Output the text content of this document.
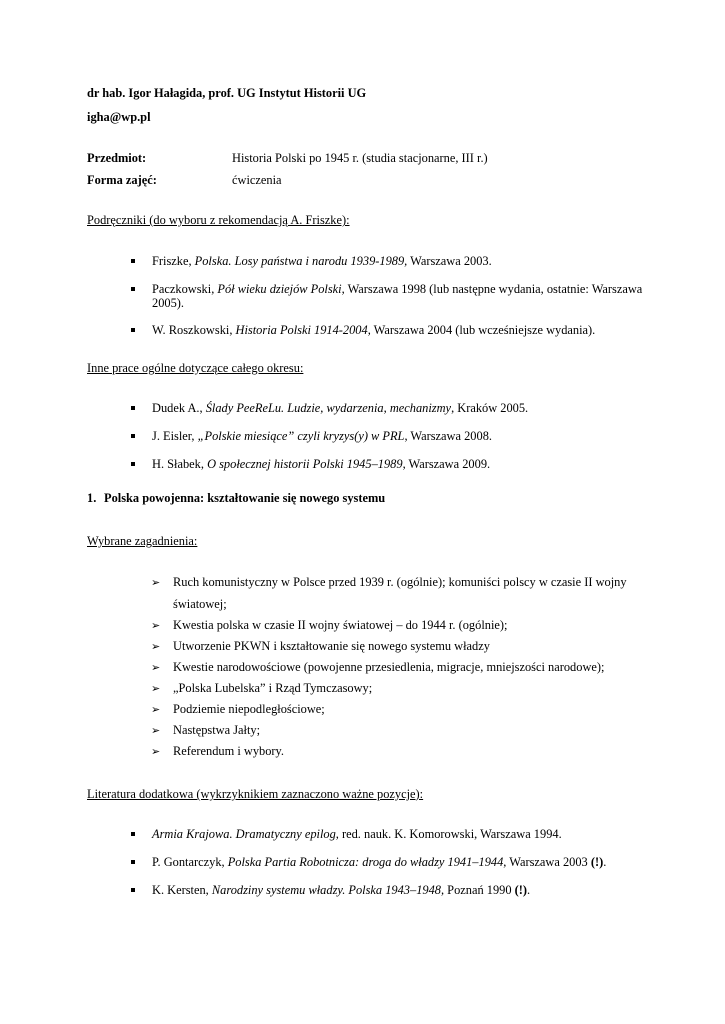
dr hab. Igor Hałagida, prof. UG Instytut Historii UG
igha@wp.pl
Przedmiot:	Historia Polski po 1945 r. (studia stacjonarne, III r.)
Forma zajęć:	ćwiczenia
Podręczniki (do wyboru z rekomendacją A. Friszke):
Friszke, Polska. Losy państwa i narodu 1939-1989, Warszawa 2003.
Paczkowski, Pół wieku dziejów Polski, Warszawa 1998 (lub następne wydania, ostatnie: Warszawa
2005).
W. Roszkowski, Historia Polski 1914-2004, Warszawa 2004 (lub wcześniejsze wydania).
Inne prace ogólne dotyczące całego okresu:
Dudek A., Ślady PeeReLu. Ludzie, wydarzenia, mechanizmy, Kraków 2005.
J. Eisler, „Polskie miesiące” czyli kryzys(y) w PRL, Warszawa 2008.
H. Słabek, O społecznej historii Polski 1945–1989, Warszawa 2009.
1. Polska powojenna: kształtowanie się nowego systemu
Wybrane zagadnienia:
➢ Ruch komunistyczny w Polsce przed 1939 r. (ogólnie); komuniści polscy w czasie II wojny
światowej;
➢ Kwestia polska w czasie II wojny światowej – do 1944 r. (ogólnie);
➢ Utworzenie PKWN i kształtowanie się nowego systemu władzy
➢ Kwestie narodowościowe (powojenne przesiedlenia, migracje, mniejszości narodowe);
➢ „Polska Lubelska” i Rząd Tymczasowy;
➢ Podziemie niepodległościowe;
➢ Następstwa Jałty;
➢ Referendum i wybory.
Literatura dodatkowa (wykrzyknikiem zaznaczono ważne pozycje):
Armia Krajowa. Dramatyczny epilog, red. nauk. K. Komorowski, Warszawa 1994.
P. Gontarczyk, Polska Partia Robotnicza: droga do władzy 1941–1944, Warszawa 2003 (!).
K. Kersten, Narodziny systemu władzy. Polska 1943–1948, Poznań 1990 (!).
